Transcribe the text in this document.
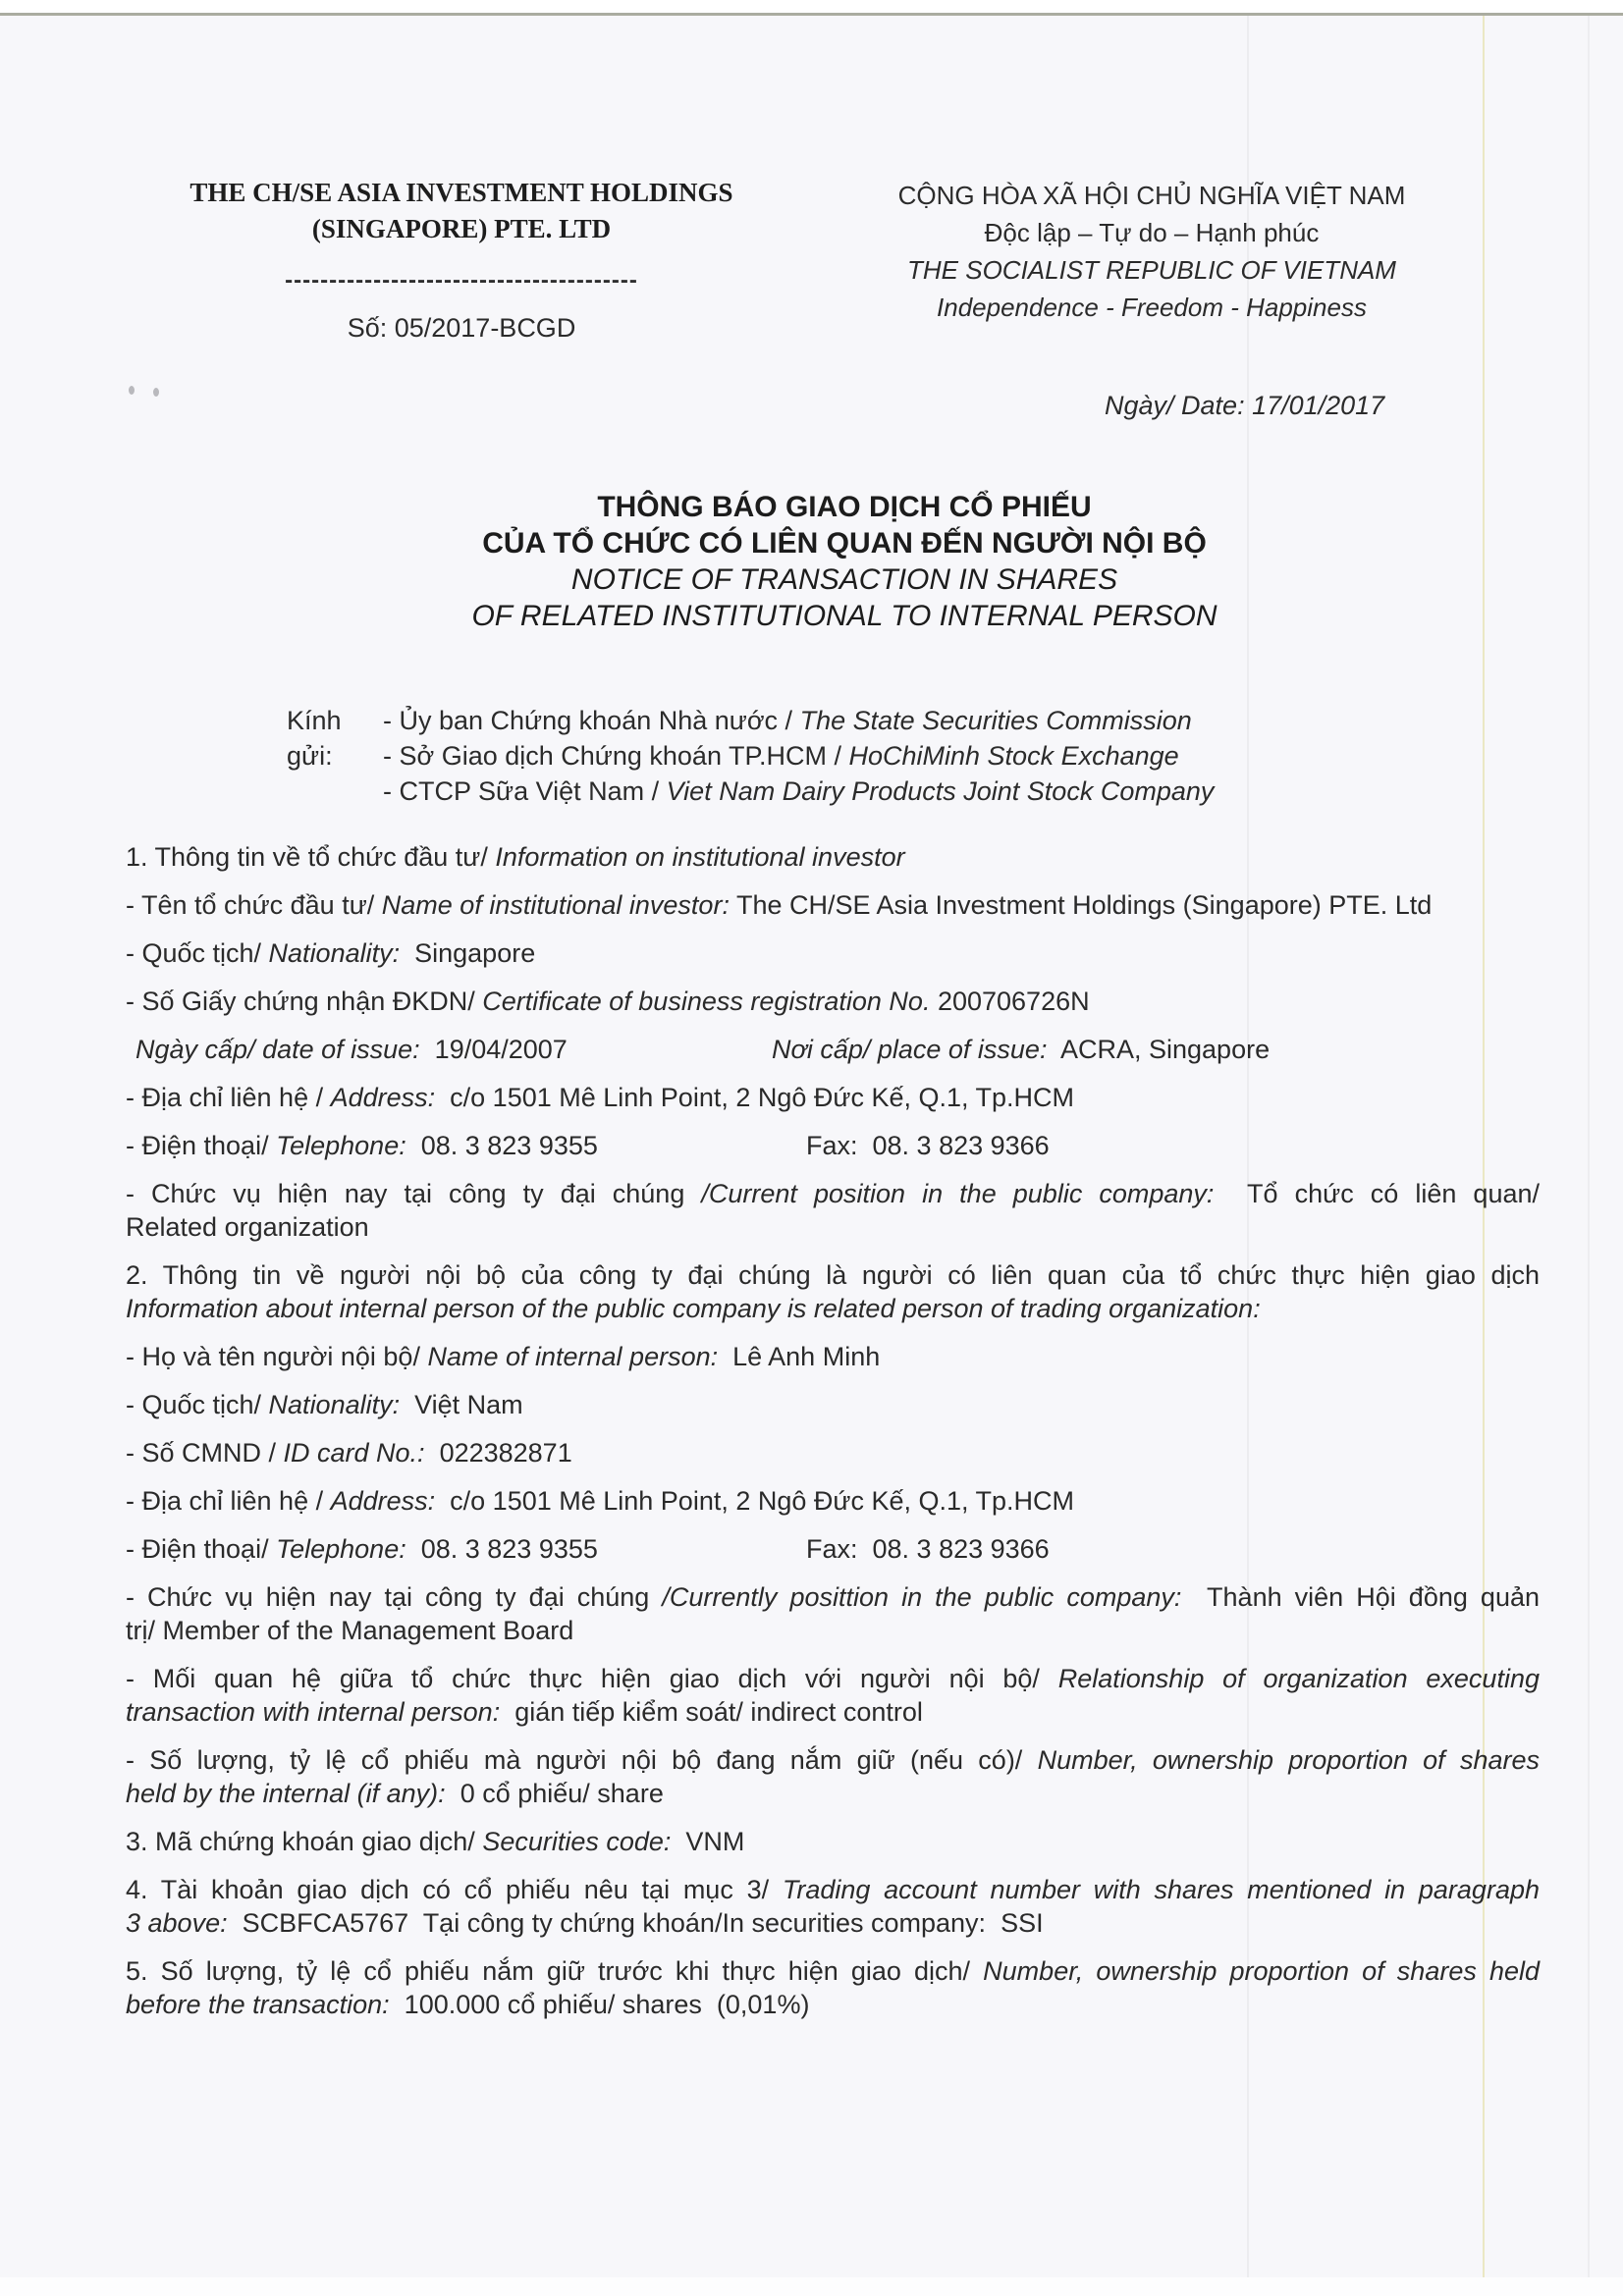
THE CH/SE ASIA INVESTMENT HOLDINGS
(SINGAPORE) PTE. LTD
----------------------------------------
Số: 05/2017-BCGD
CỘNG HÒA XÃ HỘI CHỦ NGHĨA VIỆT NAM
Độc lập – Tự do – Hạnh phúc
THE SOCIALIST REPUBLIC OF VIETNAM
Independence - Freedom - Happiness
Ngày/ Date: 17/01/2017
THÔNG BÁO GIAO DỊCH CỔ PHIẾU
CỦA TỔ CHỨC CÓ LIÊN QUAN ĐẾN NGƯỜI NỘI BỘ
NOTICE OF TRANSACTION IN SHARES
OF RELATED INSTITUTIONAL TO INTERNAL PERSON
Kính gửi:
- Ủy ban Chứng khoán Nhà nước / The State Securities Commission
- Sở Giao dịch Chứng khoán TP.HCM / HoChiMinh Stock Exchange
- CTCP Sữa Việt Nam / Viet Nam Dairy Products Joint Stock Company

1. Thông tin về tổ chức đầu tư/ Information on institutional investor

- Tên tổ chức đầu tư/ Name of institutional investor: The CH/SE Asia Investment Holdings (Singapore) PTE. Ltd

- Quốc tịch/ Nationality:  Singapore

- Số Giấy chứng nhận ĐKDN/ Certificate of business registration No. 200706726N

Ngày cấp/ date of issue:  19/04/2007	Nơi cấp/ place of issue:  ACRA, Singapore

- Địa chỉ liên hệ / Address:  c/o 1501 Mê Linh Point, 2 Ngô Đức Kế, Q.1, Tp.HCM

- Điện thoại/ Telephone:  08. 3 823 9355	Fax:  08. 3 823 9366

- Chức vụ hiện nay tại công ty đại chúng /Current position in the public company:  Tổ chức có liên quan/
Related organization

2. Thông tin về người nội bộ của công ty đại chúng là người có liên quan của tổ chức thực hiện giao dịch
Information about internal person of the public company is related person of trading organization:

- Họ và tên người nội bộ/ Name of internal person:  Lê Anh Minh

- Quốc tịch/ Nationality:  Việt Nam

- Số CMND / ID card No.:  022382871

- Địa chỉ liên hệ / Address:  c/o 1501 Mê Linh Point, 2 Ngô Đức Kế, Q.1, Tp.HCM

- Điện thoại/ Telephone:  08. 3 823 9355	Fax:  08. 3 823 9366

- Chức vụ hiện nay tại công ty đại chúng /Currently posittion in the public company:  Thành viên Hội đồng quản
trị/ Member of the Management Board

- Mối quan hệ giữa tổ chức thực hiện giao dịch với người nội bộ/ Relationship of organization executing
transaction with internal person:  gián tiếp kiểm soát/ indirect control

- Số lượng, tỷ lệ cổ phiếu mà người nội bộ đang nắm giữ (nếu có)/ Number, ownership proportion of shares
held by the internal (if any):  0 cổ phiếu/ share

3. Mã chứng khoán giao dịch/ Securities code:  VNM

4. Tài khoản giao dịch có cổ phiếu nêu tại mục 3/ Trading account number with shares mentioned in paragraph
3 above:  SCBFCA5767  Tại công ty chứng khoán/In securities company:  SSI

5. Số lượng, tỷ lệ cổ phiếu nắm giữ trước khi thực hiện giao dịch/ Number, ownership proportion of shares held
before the transaction:  100.000 cổ phiếu/ shares  (0,01%)
